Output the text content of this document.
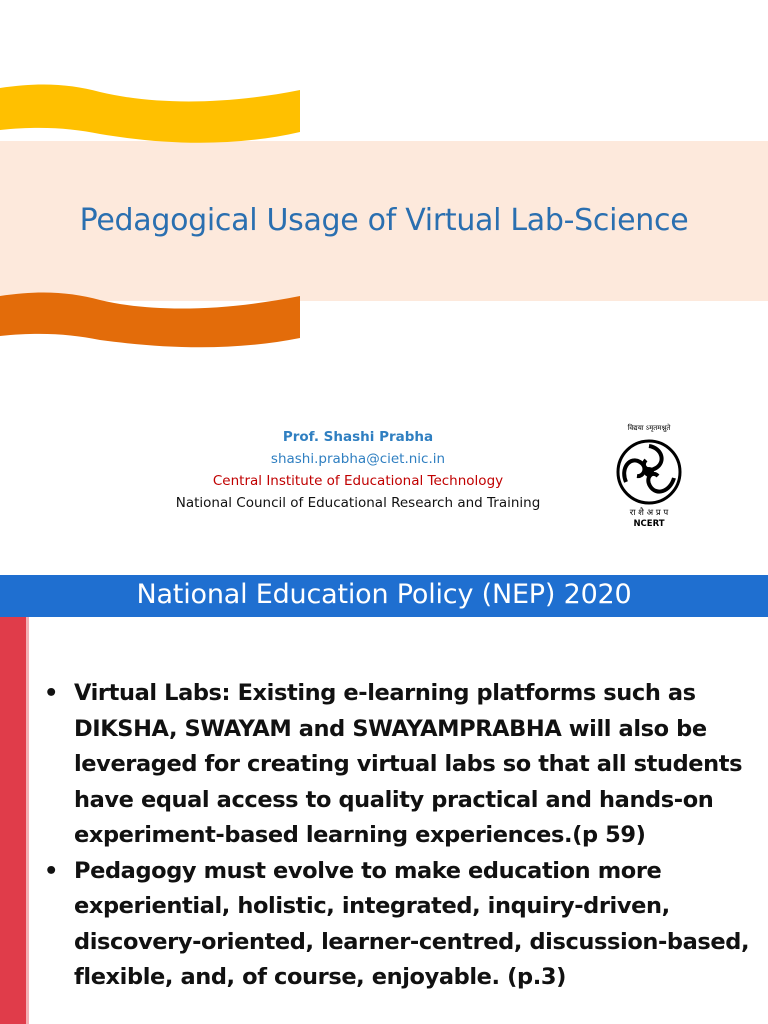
Pedagogical Usage of Virtual Lab-Science
Prof. Shashi Prabha
shashi.prabha@ciet.nic.in
Central Institute of Educational Technology
National Council of Educational Research and Training
विद्यया ऽमृतमश्नुते
रा शै अ प्र प
NCERT
National Education Policy (NEP) 2020
• Virtual Labs: Existing e-learning platforms such as DIKSHA, SWAYAM and SWAYAMPRABHA will also be leveraged for creating virtual labs so that all students have equal access to quality practical and hands-on experiment-based learning experiences.(p 59)
• Pedagogy must evolve to make education more experiential, holistic, integrated, inquiry-driven, discovery-oriented, learner-centred, discussion-based, flexible, and, of course, enjoyable. (p.3)
